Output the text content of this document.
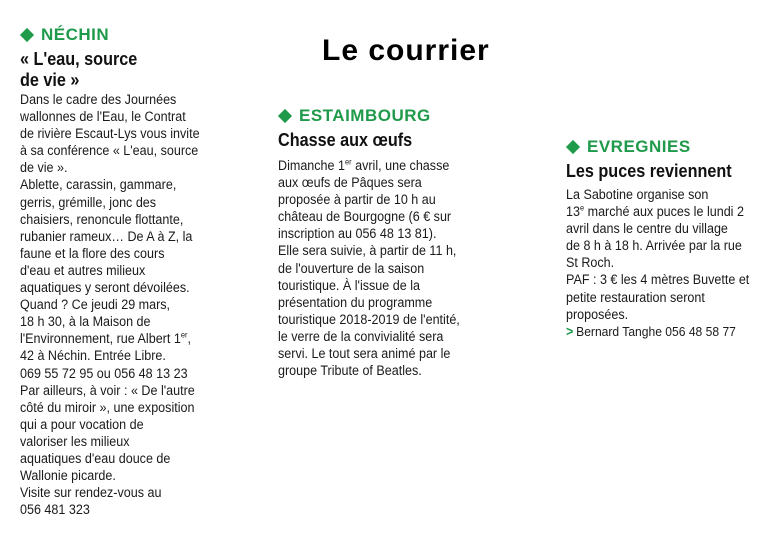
Le courrier
NÉCHIN
« L'eau, source
de vie »

Dans le cadre des Journées

wallonnes de l'Eau, le Contrat

de rivière Escaut-Lys vous invite

à sa conférence « L'eau, source

de vie ».

Ablette, carassin, gammare,

gerris, grémille, jonc des

chaisiers, renoncule flottante,

rubanier rameux… De A à Z, la

faune et la flore des cours

d'eau et autres milieux

aquatiques y seront dévoilées.

Quand ? Ce jeudi 29 mars,

18 h 30, à la Maison de

l'Environnement, rue Albert 1er,

42 à Néchin. Entrée Libre.

069 55 72 95 ou 056 48 13 23

Par ailleurs, à voir : « De l'autre

côté du miroir », une exposition

qui a pour vocation de

valoriser les milieux

aquatiques d'eau douce de

Wallonie picarde.

Visite sur rendez-vous au

056 481 323

ESTAIMBOURG
Chasse aux œufs

Dimanche 1er avril, une chasse

aux œufs de Pâques sera

proposée à partir de 10 h au

château de Bourgogne (6 € sur

inscription au 056 48 13 81).

Elle sera suivie, à partir de 11 h,

de l'ouverture de la saison

touristique. À l'issue de la

présentation du programme

touristique 2018-2019 de l'entité,

le verre de la convivialité sera

servi. Le tout sera animé par le

groupe Tribute of Beatles.

EVREGNIES
Les puces reviennent

La Sabotine organise son

13e marché aux puces le lundi 2

avril dans le centre du village

de 8 h à 18 h. Arrivée par la rue

St Roch.

PAF : 3 € les 4 mètres Buvette et

petite restauration seront

proposées.

> Bernard Tanghe 056 48 58 77
